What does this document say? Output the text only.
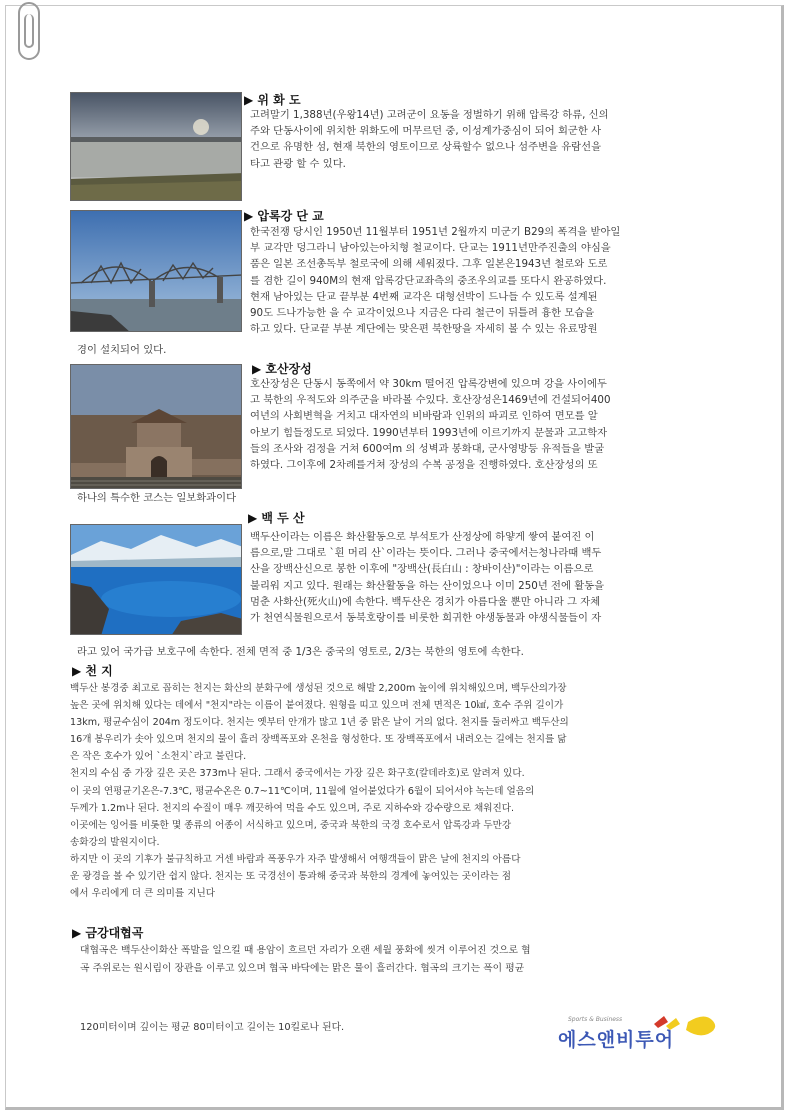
▶ 위 화 도
고려말기 1,388년(우왕14년) 고려군이 요동을 정벌하기 위해 압록강 하류, 신의
주와 단동사이에 위치한 위화도에 머무르던 중, 이성계가중심이 되어 회군한 사
건으로 유명한 섬, 현재 북한의 영토이므로 상륙할수 없으나 섬주변을 유람선을
타고 관광 할 수 있다.
▶ 압록강 단 교
한국전쟁 당시인 1950년 11월부터 1951년 2월까지 미군기 B29의 폭격을 받아일
부 교각만 덩그라니 남아있는아치형 철교이다. 단교는 1911년만주진출의 야심을
품은 일본 조선총독부 철로국에 의해 세워졌다. 그후 일본은1943년 철로와 도로
를 겸한 길이 940M의 현재 압록강단교좌측의 중조우의교를 또다시 완공하였다.
현재 남아있는 단교 끝부분 4번째 교각은 대형선박이 드나들 수 있도록 설계된
90도 드나가능한 을 수 교각이었으나 지금은 다리 철근이 뒤틀려 흉한 모습을
하고 있다. 단교끝 부분 계단에는 맞은편 북한땅을 자세히 볼 수 있는 유료망원
경이 설치되어 있다.
▶ 호산장성
호산장성은 단동시 동쪽에서 약 30km 떨어진 압록강변에 있으며 강을 사이에두
고 북한의 우적도와 의주군을 바라볼 수있다. 호산장성은1469년에 건설되어400
여년의 사회변혁을 거치고 대자연의 비바람과 인위의 파괴로 인하여 면모를 알
아보기 힘들정도로 되었다. 1990년부터 1993년에 이르기까지 문물과 고고학자
들의 조사와 검정을 거쳐 600여m 의 성벽과 봉화대, 군사영방등 유적들을 발굴
하였다. 그이후에 2차례를거쳐 장성의 수복 공정을 진행하였다. 호산장성의 또
하나의 특수한 코스는 일보화과이다
▶ 백 두 산
백두산이라는 이름은 화산활동으로 부석토가 산정상에 하얗게 쌓여 붙여진 이
름으로,말 그대로 `흰 머리 산`이라는 뜻이다. 그러나 중국에서는청나라때 백두
산을 장백산신으로 봉한 이후에 "장백산(長白山 : 창바이산)"이라는 이름으로
불리워 지고 있다. 원래는 화산활동을 하는 산이었으나 이미 250년 전에 활동을
멈춘 사화산(死火山)에 속한다. 백두산은 경치가 아름다울 뿐만 아니라 그 자체
가 천연식물원으로서 동북호랑이를 비롯한 희귀한 야생동물과 야생식물들이 자
라고 있어 국가급 보호구에 속한다. 전체 면적 중 1/3은 중국의 영토로, 2/3는 북한의 영토에 속한다.
▶ 천 지
백두산 봉경중 최고로 꼽히는 천지는 화산의 분화구에 생성된 것으로 해발 2,200m 높이에 위치해있으며, 백두산의가장
높은 곳에 위치해 있다는 데에서 "천지"라는 이름이 붙여졌다. 원형을 띠고 있으며 전체 면적은 10㎢, 호수 주위 길이가
13km, 평균수심이 204m 정도이다. 천지는 옛부터 안개가 많고 1년 중 맑은 날이 거의 없다. 천지를 둘러싸고 백두산의
16개 봉우리가 솟아 있으며 천지의 물이 흘러 장백폭포와 온천을 형성한다. 또 장백폭포에서 내려오는 길에는 천지를 닮
은 작은 호수가 있어 `소천지`라고 불린다.
천지의 수심 중 가장 깊은 곳은 373m나 된다. 그래서 중국에서는 가장 깊은 화구호(칼데라호)로 알려져 있다.
이 곳의 연평균기온은-7.3℃, 평균수온은 0.7~11℃이며, 11월에 얼어붙었다가 6월이 되어서야 녹는데 얼음의
두께가 1.2m나 된다. 천지의 수질이 매우 깨끗하여 먹을 수도 있으며, 주로 지하수와 강수량으로 채워진다.
이곳에는 잉어를 비롯한 몇 종류의 어종이 서식하고 있으며, 중국과 북한의 국경 호수로서 압록강과 두만강
송화강의 발원지이다.
하지만 이 곳의 기후가 불규칙하고 거센 바람과 폭풍우가 자주 발생해서 여행객들이 맑은 날에 천지의 아름다
운 광경을 볼 수 있기란 쉽지 않다. 천지는 또 국경선이 통과해 중국과 북한의 경계에 놓여있는 곳이라는 점
에서 우리에게 더 큰 의미를 지닌다
▶ 금강대협곡
대협곡은 백두산이화산 폭발을 일으킬 때 용암이 흐르던 자리가 오랜 세월 풍화에 씻겨 이루어진 것으로 협
곡 주위로는 원시림이 장관을 이루고 있으며 협곡 바닥에는 맑은 물이 흘러간다. 협곡의 크기는 폭이 평균
120미터이며 깊이는 평균 80미터이고 길이는 10킬로나 된다.
Sports & Business
에스앤비투어
